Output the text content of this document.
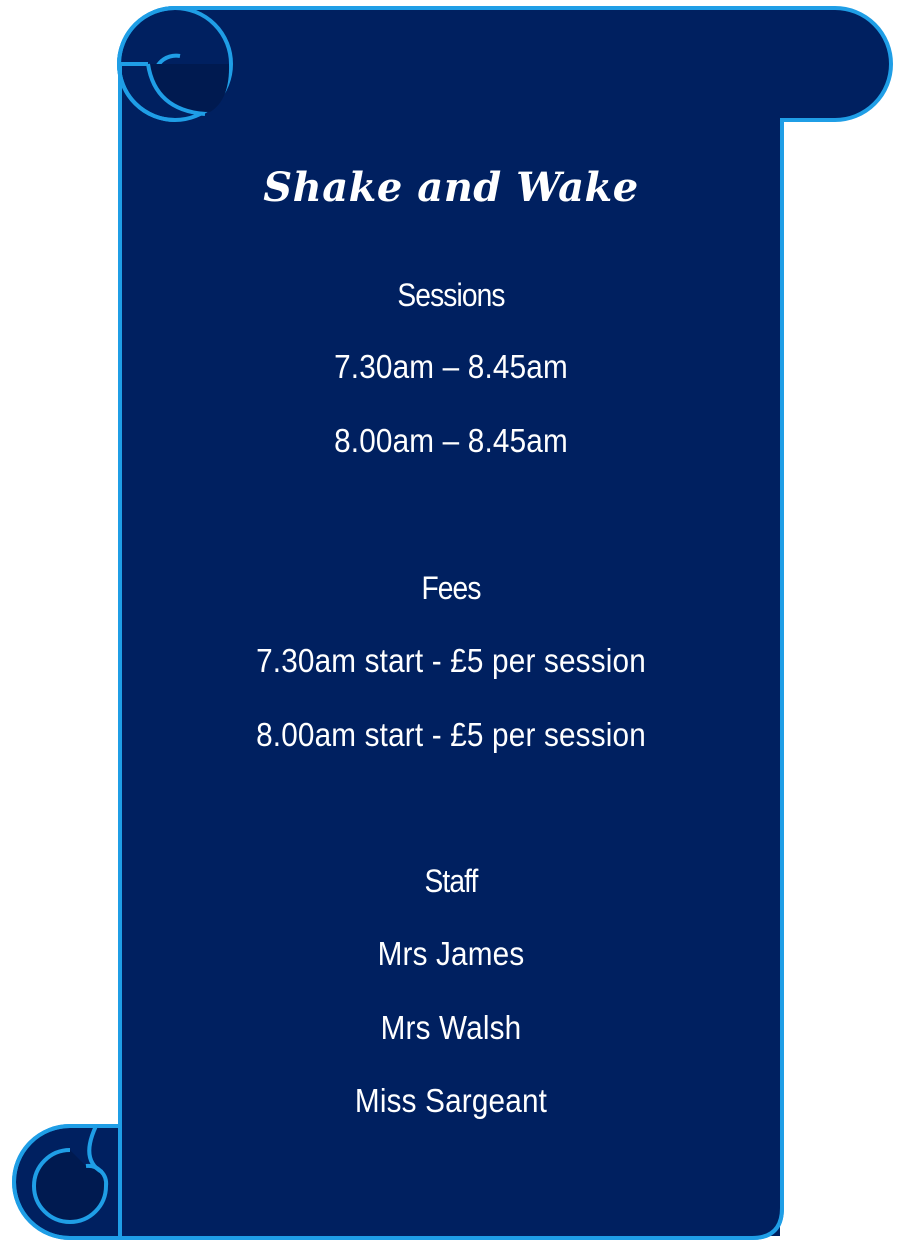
Shake and Wake
Sessions
7.30am – 8.45am
8.00am – 8.45am
Fees
7.30am start - £5 per session
8.00am start - £5 per session
Staff
Mrs James
Mrs Walsh
Miss Sargeant
